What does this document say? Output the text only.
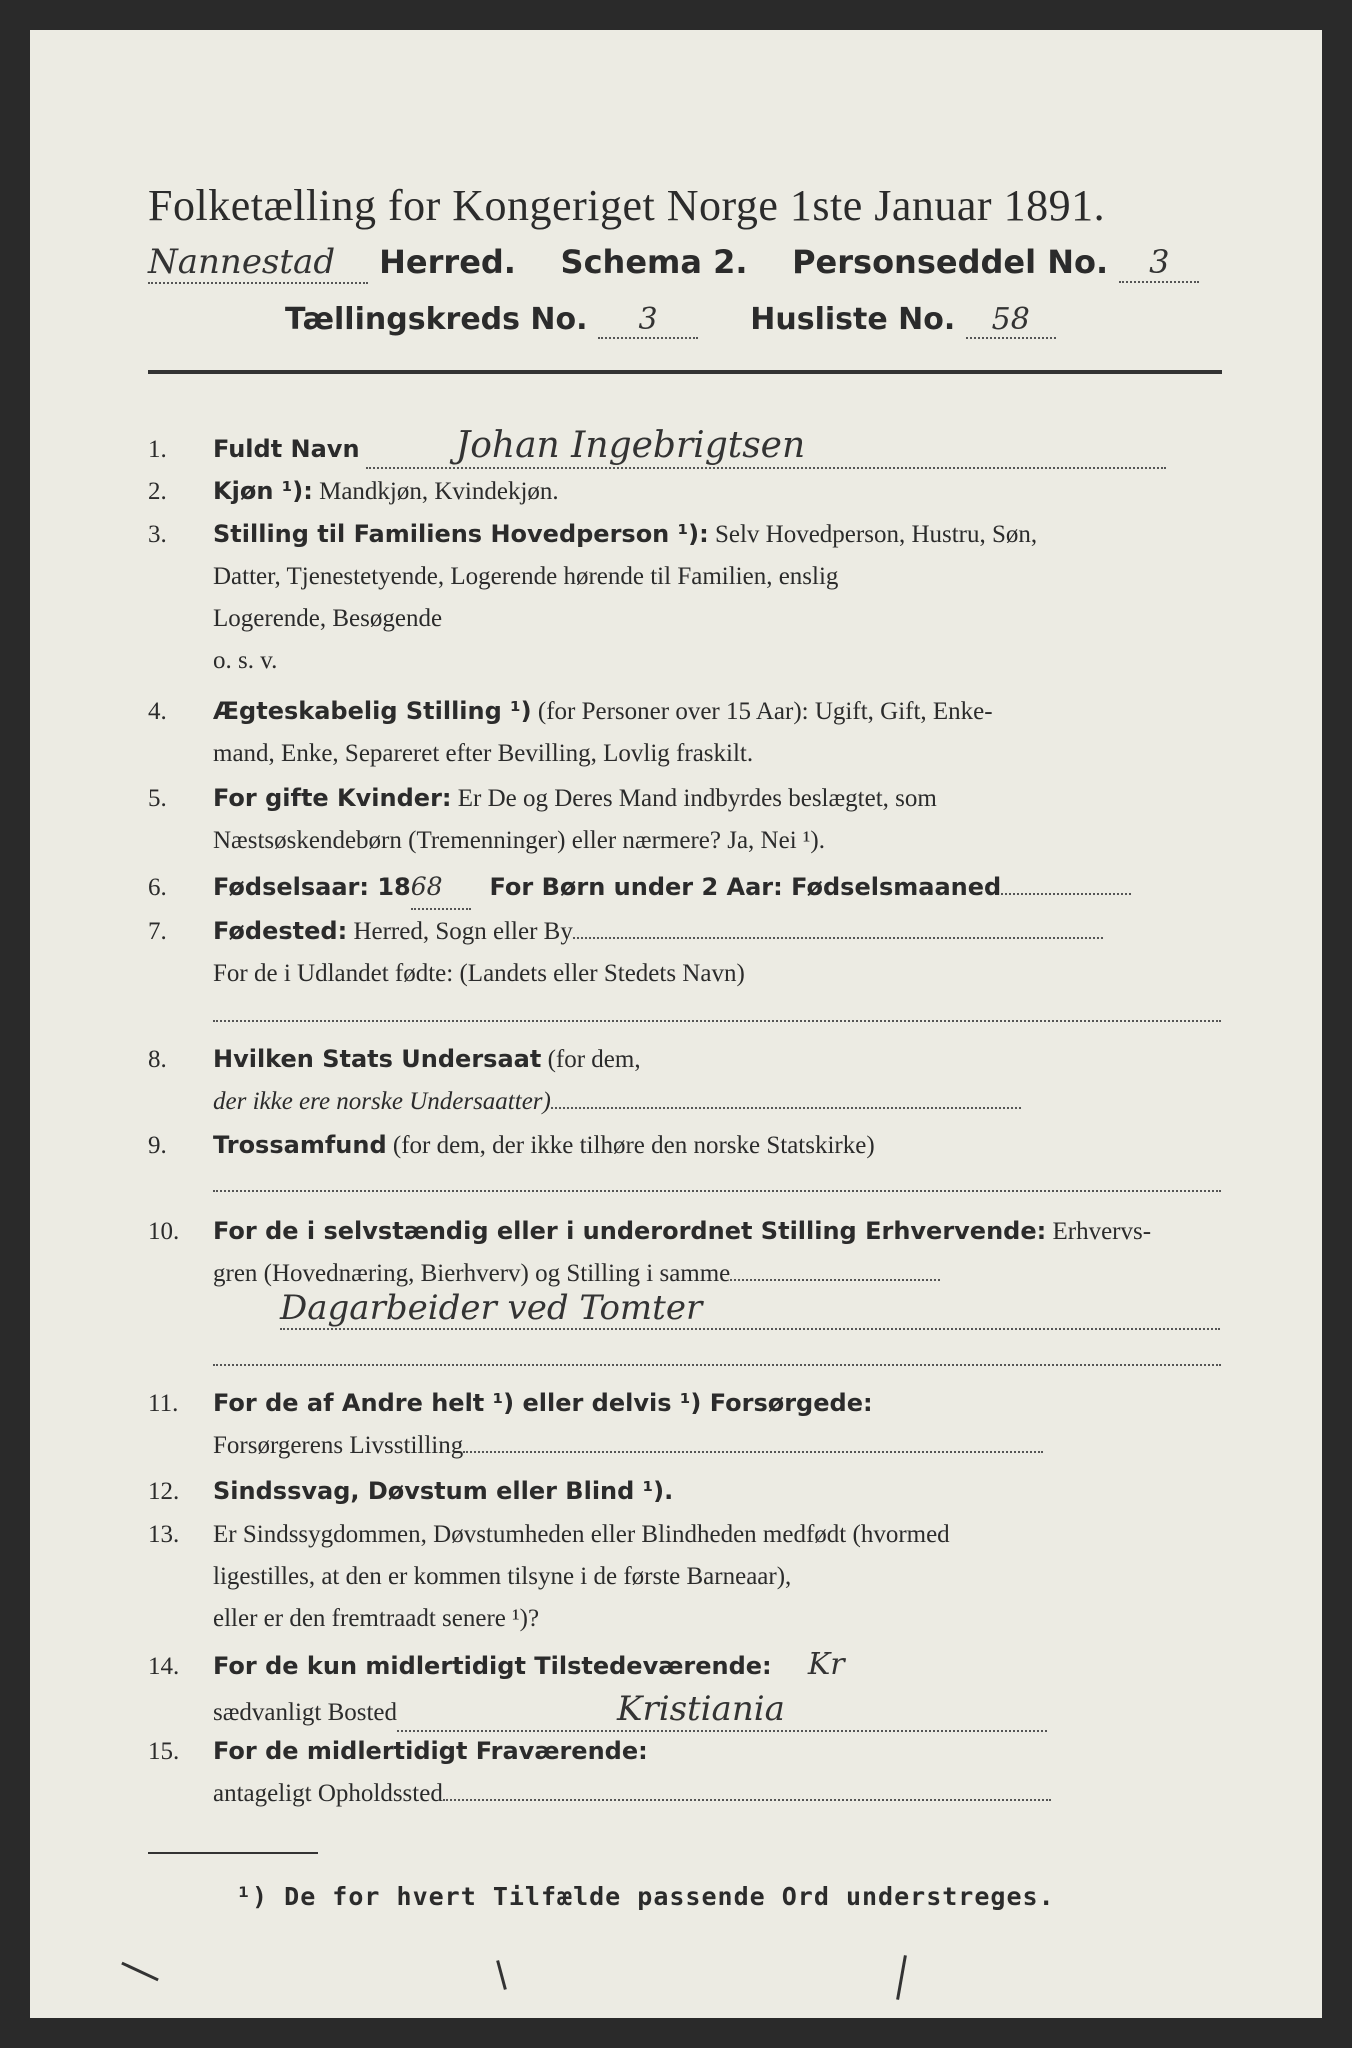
Folketælling for Kongeriget Norge 1ste Januar 1891.
Nannestad Herred. Schema 2. Personseddel No. 3
Tællingskreds No. 3	Husliste No. 58
1. Fuldt Navn	Johan Ingebrigtsen
2. Kjøn ¹): Mandkjøn, Kvindekjøn.
3. Stilling til Familiens Hovedperson ¹): Selv Hovedperson, Hustru, Søn,
Datter, Tjenestetyende, Logerende hørende til Familien, enslig
Logerende, Besøgende
o. s. v.
4. Ægteskabelig Stilling ¹) (for Personer over 15 Aar): Ugift, Gift, Enke-
mand, Enke, Separeret efter Bevilling, Lovlig fraskilt.
5. For gifte Kvinder: Er De og Deres Mand indbyrdes beslægtet, som
Næstsøskendebørn (Tremenninger) eller nærmere? Ja, Nei ¹).
6. Fødselsaar: 1868 For Børn under 2 Aar: Fødselsmaaned
7. Fødested: Herred, Sogn eller By
For de i Udlandet fødte: (Landets eller Stedets Navn)
8. Hvilken Stats Undersaat (for dem,
der ikke ere norske Undersaatter)
9. Trossamfund (for dem, der ikke tilhøre den norske Statskirke)
10. For de i selvstændig eller i underordnet Stilling Erhvervende: Erhvervs-
gren (Hovednæring, Bierhverv) og Stilling i samme
Dagarbeider ved Tomter
11. For de af Andre helt ¹) eller delvis ¹) Forsørgede:
Forsørgerens Livsstilling
12. Sindssvag, Døvstum eller Blind ¹).
13. Er Sindssygdommen, Døvstumheden eller Blindheden medfødt (hvormed
ligestilles, at den er kommen tilsyne i de første Barneaar),
eller er den fremtraadt senere ¹)?
14. For de kun midlertidigt Tilstedeværende: Kr
sædvanligt Bosted	Kristiania
15. For de midlertidigt Fraværende:
antageligt Opholdssted
¹) De for hvert Tilfælde passende Ord understreges.
